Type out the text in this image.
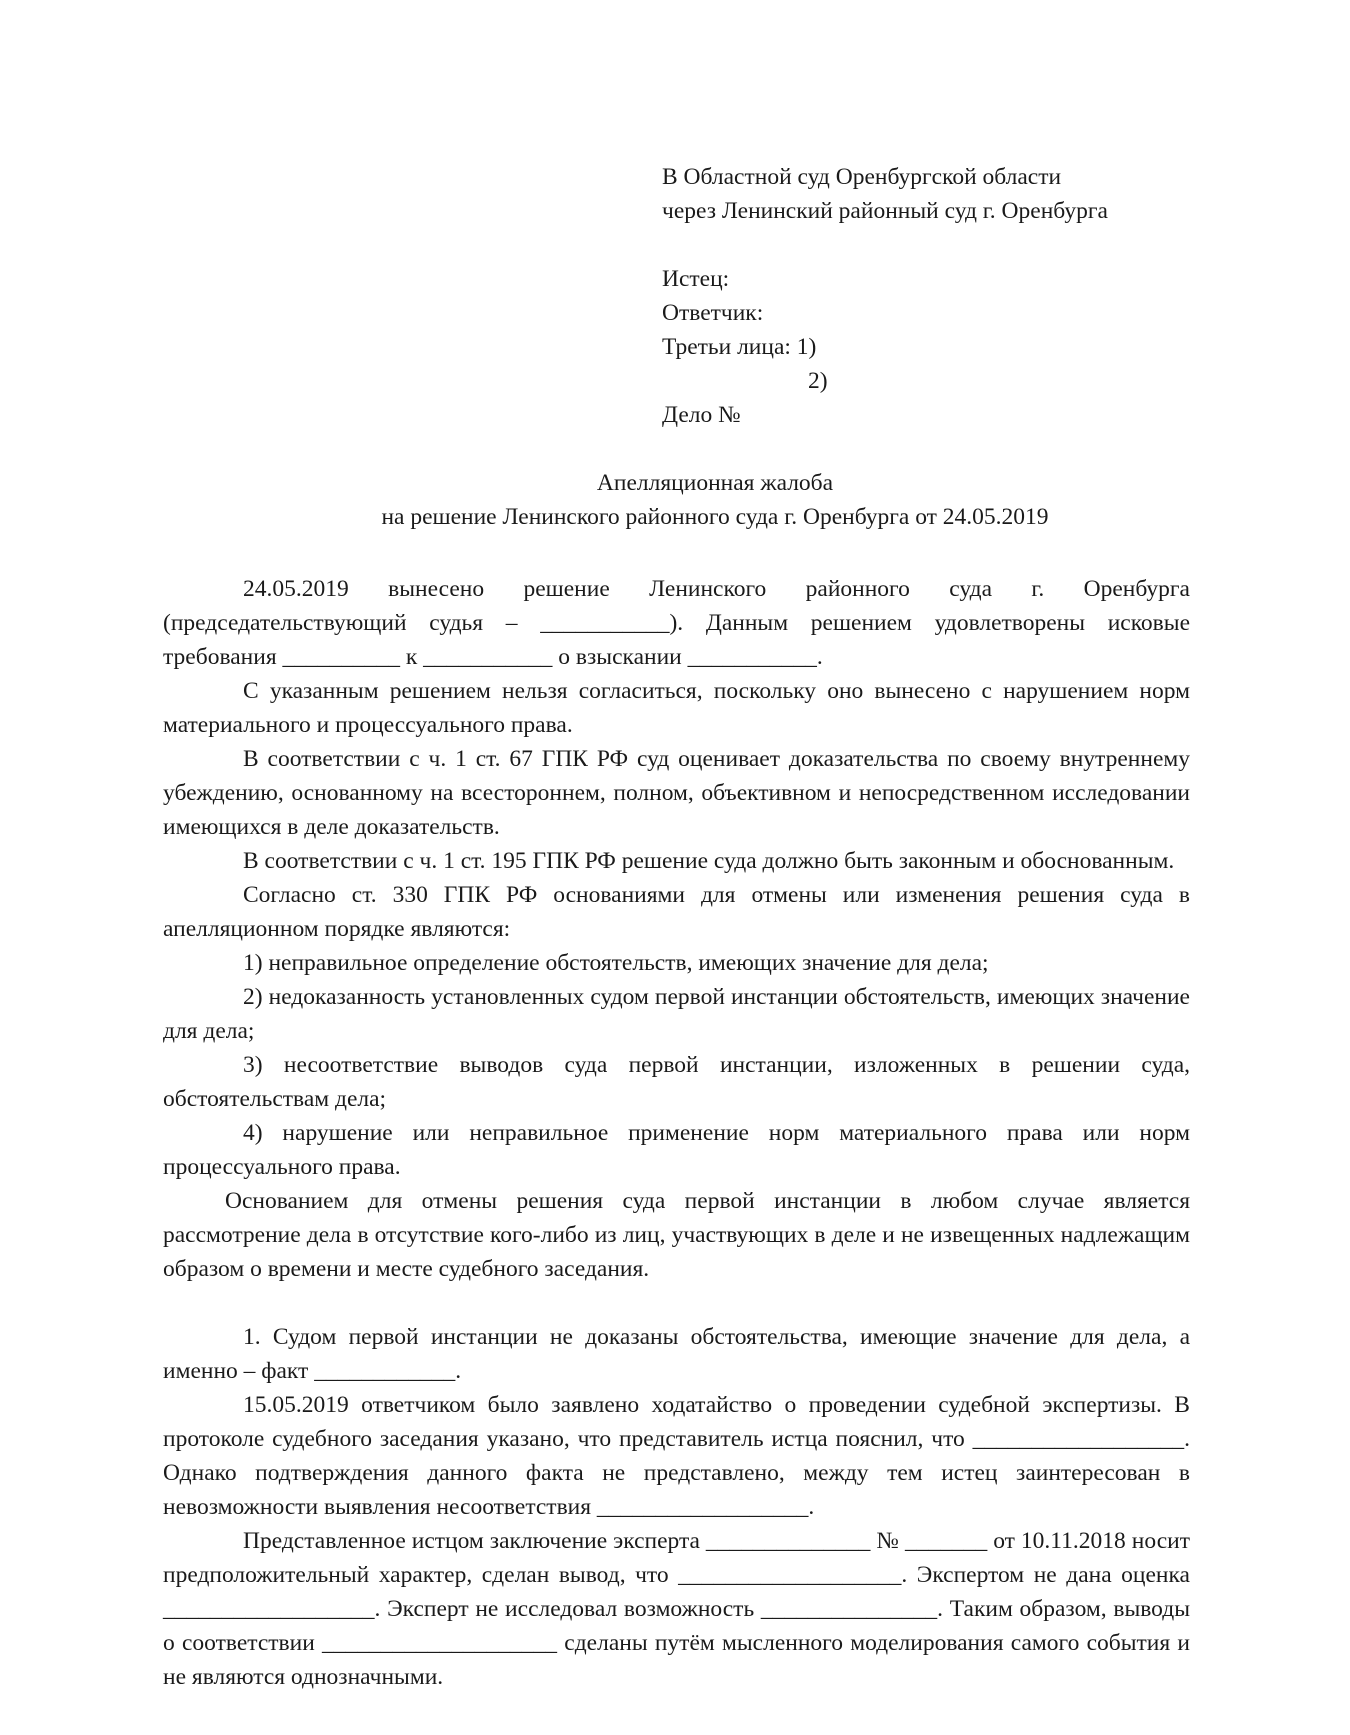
В Областной суд Оренбургской области
через Ленинский районный суд г. Оренбурга
Истец:
Ответчик:
Третьи лица: 1)
2)
Дело №
Апелляционная жалоба
на решение Ленинского районного суда г. Оренбурга от 24.05.2019

24.05.2019 вынесено решение Ленинского районного суда г. Оренбурга (председательствующий судья – ___________). Данным решением удовлетворены исковые требования __________ к ___________ о взыскании ___________.

С указанным решением нельзя согласиться, поскольку оно вынесено с нарушением норм материального и процессуального права.

В соответствии с ч. 1 ст. 67 ГПК РФ суд оценивает доказательства по своему внутреннему убеждению, основанному на всестороннем, полном, объективном и непосредственном исследовании имеющихся в деле доказательств.

В соответствии с ч. 1 ст. 195 ГПК РФ решение суда должно быть законным и обоснованным.

Согласно ст. 330 ГПК РФ основаниями для отмены или изменения решения суда в апелляционном порядке являются:

1) неправильное определение обстоятельств, имеющих значение для дела;

2) недоказанность установленных судом первой инстанции обстоятельств, имеющих значение для дела;

3) несоответствие выводов суда первой инстанции, изложенных в решении суда, обстоятельствам дела;

4) нарушение или неправильное применение норм материального права или норм процессуального права.

Основанием для отмены решения суда первой инстанции в любом случае является рассмотрение дела в отсутствие кого-либо из лиц, участвующих в деле и не извещенных надлежащим образом о времени и месте судебного заседания.

1. Судом первой инстанции не доказаны обстоятельства, имеющие значение для дела, а именно – факт ____________.

15.05.2019 ответчиком было заявлено ходатайство о проведении судебной экспертизы. В протоколе судебного заседания указано, что представитель истца пояснил, что __________________. Однако подтверждения данного факта не представлено, между тем истец заинтересован в невозможности выявления несоответствия __________________.

Представленное истцом заключение эксперта ______________ № _______ от 10.11.2018 носит предположительный характер, сделан вывод, что ___________________. Экспертом не дана оценка __________________. Эксперт не исследовал возможность _______________. Таким образом, выводы о соответствии ____________________ сделаны путём мысленного моделирования самого события и не являются однозначными.
